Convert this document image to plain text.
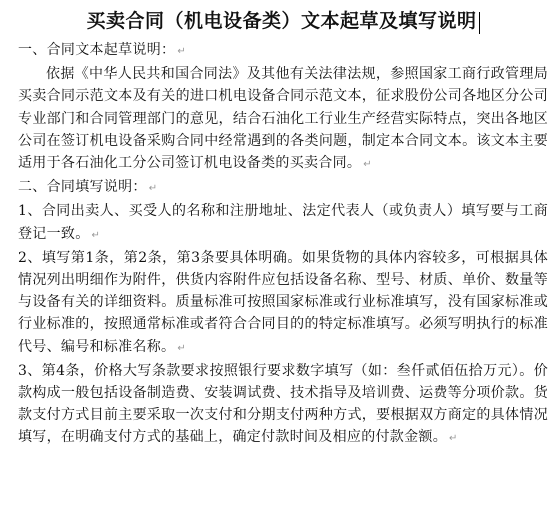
买卖合同（机电设备类）文本起草及填写说明

一、合同文本起草说明： ↵

依据《中华人民共和国合同法》及其他有关法律法规，参照国家工商行政管理局买卖合同示范文本及有关的进口机电设备合同示范文本，征求股份公司各地区分公司专业部门和合同管理部门的意见，结合石油化工行业生产经营实际特点，突出各地区公司在签订机电设备采购合同中经常遇到的各类问题，制定本合同文本。该文本主要适用于各石油化工分公司签订机电设备类的买卖合同。 ↵

二、合同填写说明： ↵

1、合同出卖人、买受人的名称和注册地址、法定代表人（或负责人）填写要与工商登记一致。 ↵

2、填写第1条，第2条，第3条要具体明确。如果货物的具体内容较多，可根据具体情况列出明细作为附件，供货内容附件应包括设备名称、型号、材质、单价、数量等与设备有关的详细资料。质量标准可按照国家标准或行业标准填写，没有国家标准或行业标准的，按照通常标准或者符合合同目的的特定标准填写。必须写明执行的标准代号、编号和标准名称。 ↵

3、第4条，价格大写条款要求按照银行要求数字填写（如：叁仟贰佰伍拾万元）。价款构成一般包括设备制造费、安装调试费、技术指导及培训费、运费等分项价款。货款支付方式目前主要采取一次支付和分期支付两种方式，要根据双方商定的具体情况填写，在明确支付方式的基础上，确定付款时间及相应的付款金额。 ↵
